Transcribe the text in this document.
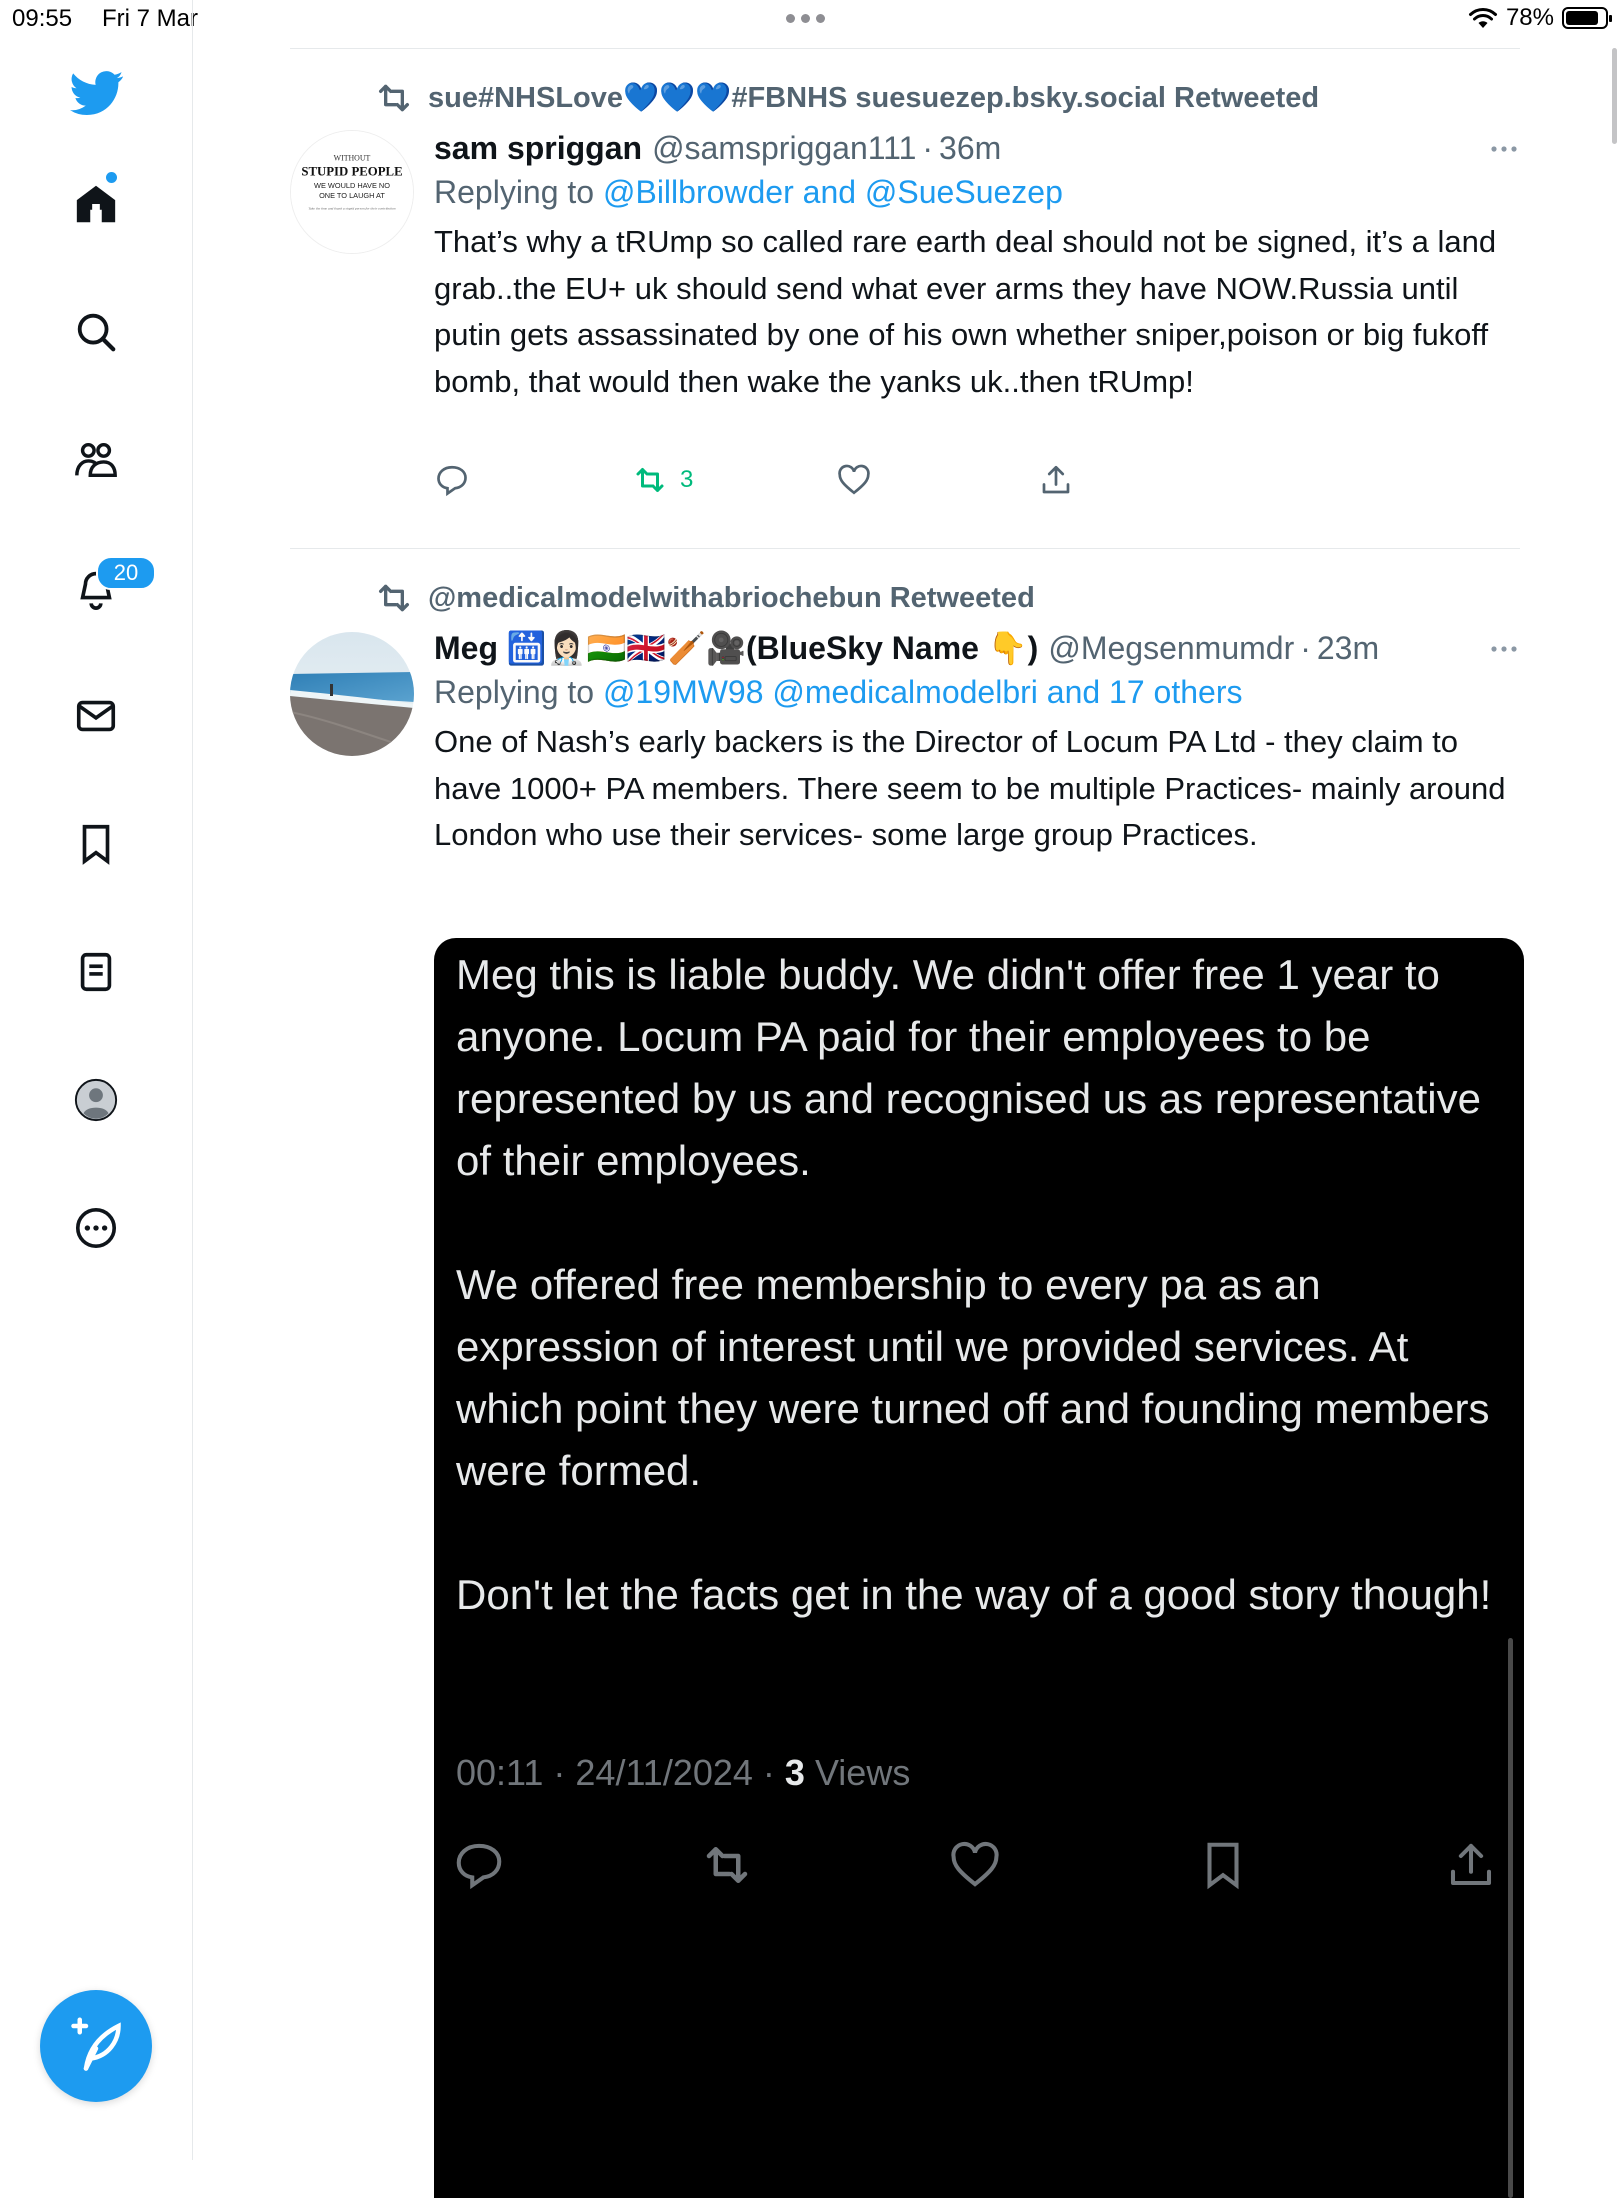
09:55 Fri 7 Mar	78%
20
sue#NHSLove💙💙💙#FBNHS suesuezep.bsky.social Retweeted
WITHOUT
STUPID PEOPLE
WE WOULD HAVE NO
ONE TO LAUGH AT
Take the time and thank a stupid person for their contribution
sam spriggan @samspriggan111 · 36m
Replying to @Billbrowder and @SueSuezep
That’s why a tRUmp so called rare earth deal should not be signed, it’s a land grab..the EU+ uk should send what ever arms they have NOW.Russia until putin gets assassinated by one of his own whether sniper,poison or big fukoff bomb, that would then wake the yanks uk..then tRUmp!
3
@medicalmodelwithabriochebun Retweeted
Meg 🛗👩🏻‍⚕️🇮🇳🇬🇧🏏🎥(BlueSky Name 👇) @Megsenmumdr · 23m
Replying to @19MW98 @medicalmodelbri and 17 others
One of Nash’s early backers is the Director of Locum PA Ltd - they claim to have 1000+ PA members. There seem to be multiple Practices- mainly around London who use their services- some large group Practices.
Meg this is liable buddy. We didn't offer free 1 year to anyone. Locum PA paid for their employees to be represented by us and recognised us as representative of their employees.

We offered free membership to every pa as an expression of interest until we provided services. At which point they were turned off and founding members were formed.

Don't let the facts get in the way of a good story though!
00:11 · 24/11/2024 · 3 Views
